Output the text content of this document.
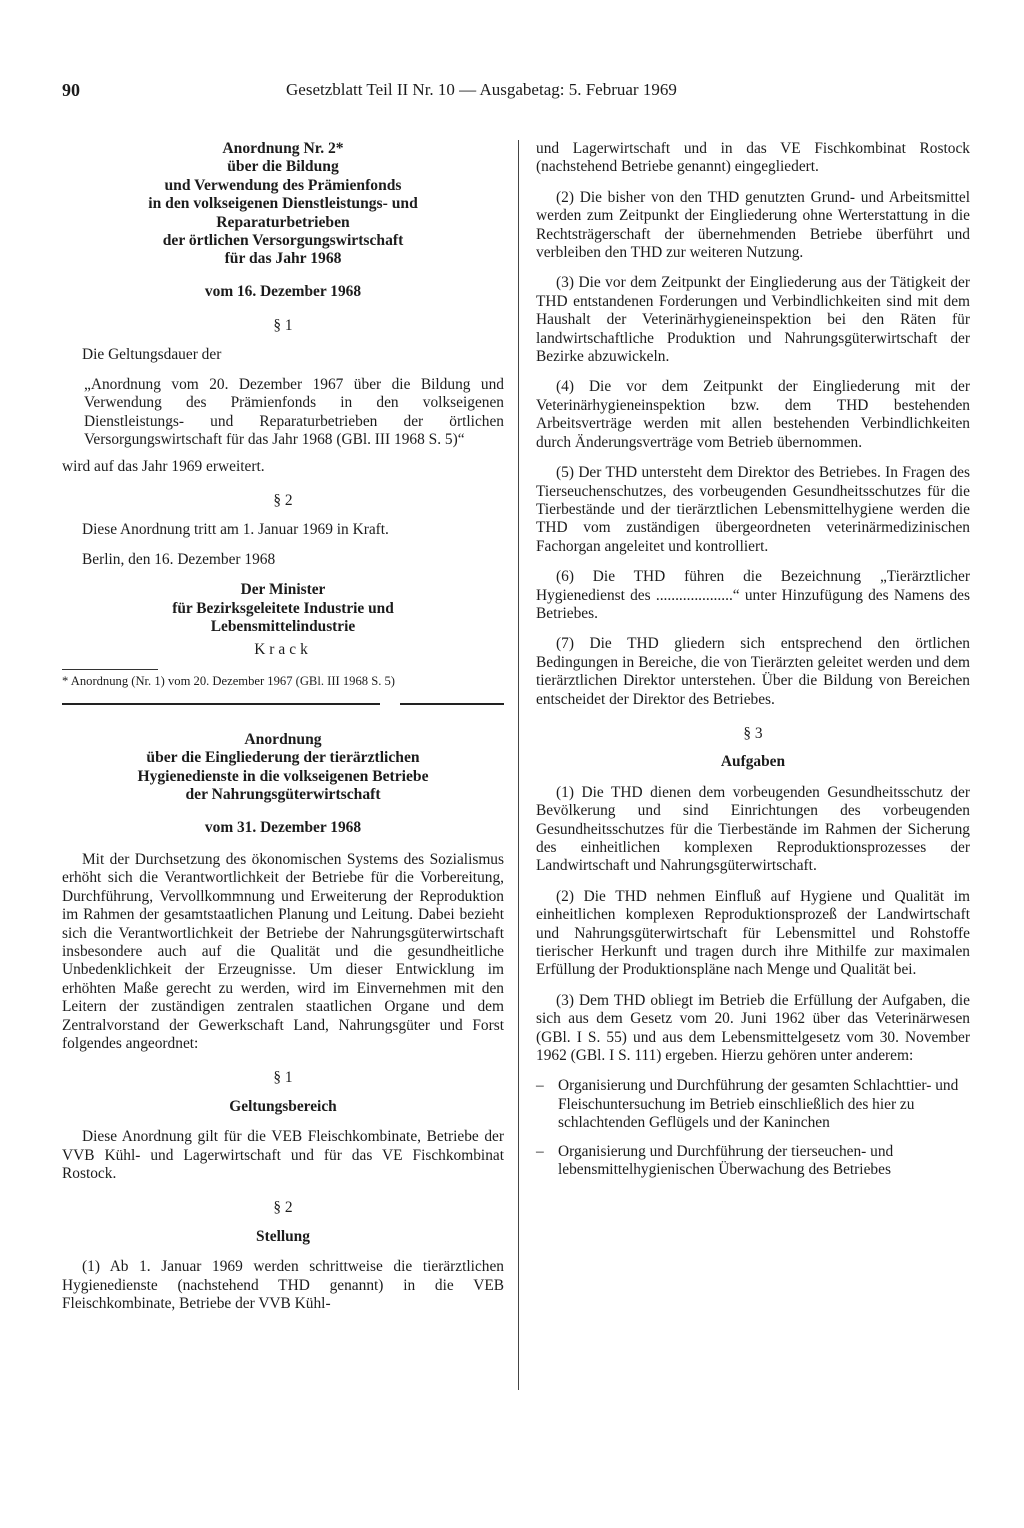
90	Gesetzblatt Teil II Nr. 10 — Ausgabetag: 5. Februar 1969
Anordnung Nr. 2*
über die Bildung
und Verwendung des Prämienfonds
in den volkseigenen Dienstleistungs- und
Reparaturbetrieben
der örtlichen Versorgungswirtschaft
für das Jahr 1968
vom 16. Dezember 1968
§ 1

Die Geltungsdauer der

„Anordnung vom 20. Dezember 1967 über die Bildung und Verwendung des Prämienfonds in den volkseigenen Dienstleistungs- und Reparaturbetrieben der örtlichen Versorgungswirtschaft für das Jahr 1968 (GBl. III 1968 S. 5)“

wird auf das Jahr 1969 erweitert.

§ 2

Diese Anordnung tritt am 1. Januar 1969 in Kraft.

Berlin, den 16. Dezember 1968

Der Minister
für Bezirksgeleitete Industrie und
Lebensmittelindustrie
Krack

* Anordnung (Nr. 1) vom 20. Dezember 1967 (GBl. III 1968 S. 5)

Anordnung
über die Eingliederung der tierärztlichen
Hygienedienste in die volkseigenen Betriebe
der Nahrungsgüterwirtschaft
vom 31. Dezember 1968

Mit der Durchsetzung des ökonomischen Systems des Sozialismus erhöht sich die Verantwortlichkeit der Betriebe für die Vorbereitung, Durchführung, Vervollkommnung und Erweiterung der Reproduktion im Rahmen der gesamtstaatlichen Planung und Leitung. Dabei bezieht sich die Verantwortlichkeit der Betriebe der Nahrungsgüterwirtschaft insbesondere auch auf die Qualität und die gesundheitliche Unbedenklichkeit der Erzeugnisse. Um dieser Entwicklung im erhöhten Maße gerecht zu werden, wird im Einvernehmen mit den Leitern der zuständigen zentralen staatlichen Organe und dem Zentralvorstand der Gewerkschaft Land, Nahrungsgüter und Forst folgendes angeordnet:

§ 1
Geltungsbereich

Diese Anordnung gilt für die VEB Fleischkombinate, Betriebe der VVB Kühl- und Lagerwirtschaft und für das VE Fischkombinat Rostock.

§ 2
Stellung

(1) Ab 1. Januar 1969 werden schrittweise die tierärztlichen Hygienedienste (nachstehend THD genannt) in die VEB Fleischkombinate, Betriebe der VVB Kühl-

und Lagerwirtschaft und in das VE Fischkombinat Rostock (nachstehend Betriebe genannt) eingegliedert.

(2) Die bisher von den THD genutzten Grund- und Arbeitsmittel werden zum Zeitpunkt der Eingliederung ohne Werterstattung in die Rechtsträgerschaft der übernehmenden Betriebe überführt und verbleiben den THD zur weiteren Nutzung.

(3) Die vor dem Zeitpunkt der Eingliederung aus der Tätigkeit der THD entstandenen Forderungen und Verbindlichkeiten sind mit dem Haushalt der Veterinärhygieneinspektion bei den Räten für landwirtschaftliche Produktion und Nahrungsgüterwirtschaft der Bezirke abzuwickeln.

(4) Die vor dem Zeitpunkt der Eingliederung mit der Veterinärhygieneinspektion bzw. dem THD bestehenden Arbeitsverträge werden mit allen bestehenden Verbindlichkeiten durch Änderungsverträge vom Betrieb übernommen.

(5) Der THD untersteht dem Direktor des Betriebes. In Fragen des Tierseuchenschutzes, des vorbeugenden Gesundheitsschutzes für die Tierbestände und der tierärztlichen Lebensmittelhygiene werden die THD vom zuständigen übergeordneten veterinärmedizinischen Fachorgan angeleitet und kontrolliert.

(6) Die THD führen die Bezeichnung „Tierärztlicher Hygienedienst des ....................“ unter Hinzufügung des Namens des Betriebes.

(7) Die THD gliedern sich entsprechend den örtlichen Bedingungen in Bereiche, die von Tierärzten geleitet werden und dem tierärztlichen Direktor unterstehen. Über die Bildung von Bereichen entscheidet der Direktor des Betriebes.

§ 3
Aufgaben

(1) Die THD dienen dem vorbeugenden Gesundheitsschutz der Bevölkerung und sind Einrichtungen des vorbeugenden Gesundheitsschutzes für die Tierbestände im Rahmen der Sicherung des einheitlichen komplexen Reproduktionsprozesses der Landwirtschaft und Nahrungsgüterwirtschaft.

(2) Die THD nehmen Einfluß auf Hygiene und Qualität im einheitlichen komplexen Reproduktionsprozeß der Landwirtschaft und Nahrungsgüterwirtschaft für Lebensmittel und Rohstoffe tierischer Herkunft und tragen durch ihre Mithilfe zur maximalen Erfüllung der Produktionspläne nach Menge und Qualität bei.

(3) Dem THD obliegt im Betrieb die Erfüllung der Aufgaben, die sich aus dem Gesetz vom 20. Juni 1962 über das Veterinärwesen (GBl. I S. 55) und aus dem Lebensmittelgesetz vom 30. November 1962 (GBl. I S. 111) ergeben. Hierzu gehören unter anderem:

– Organisierung und Durchführung der gesamten Schlachttier- und Fleischuntersuchung im Betrieb einschließlich des hier zu schlachtenden Geflügels und der Kaninchen
– Organisierung und Durchführung der tierseuchen- und lebensmittelhygienischen Überwachung des Betriebes
